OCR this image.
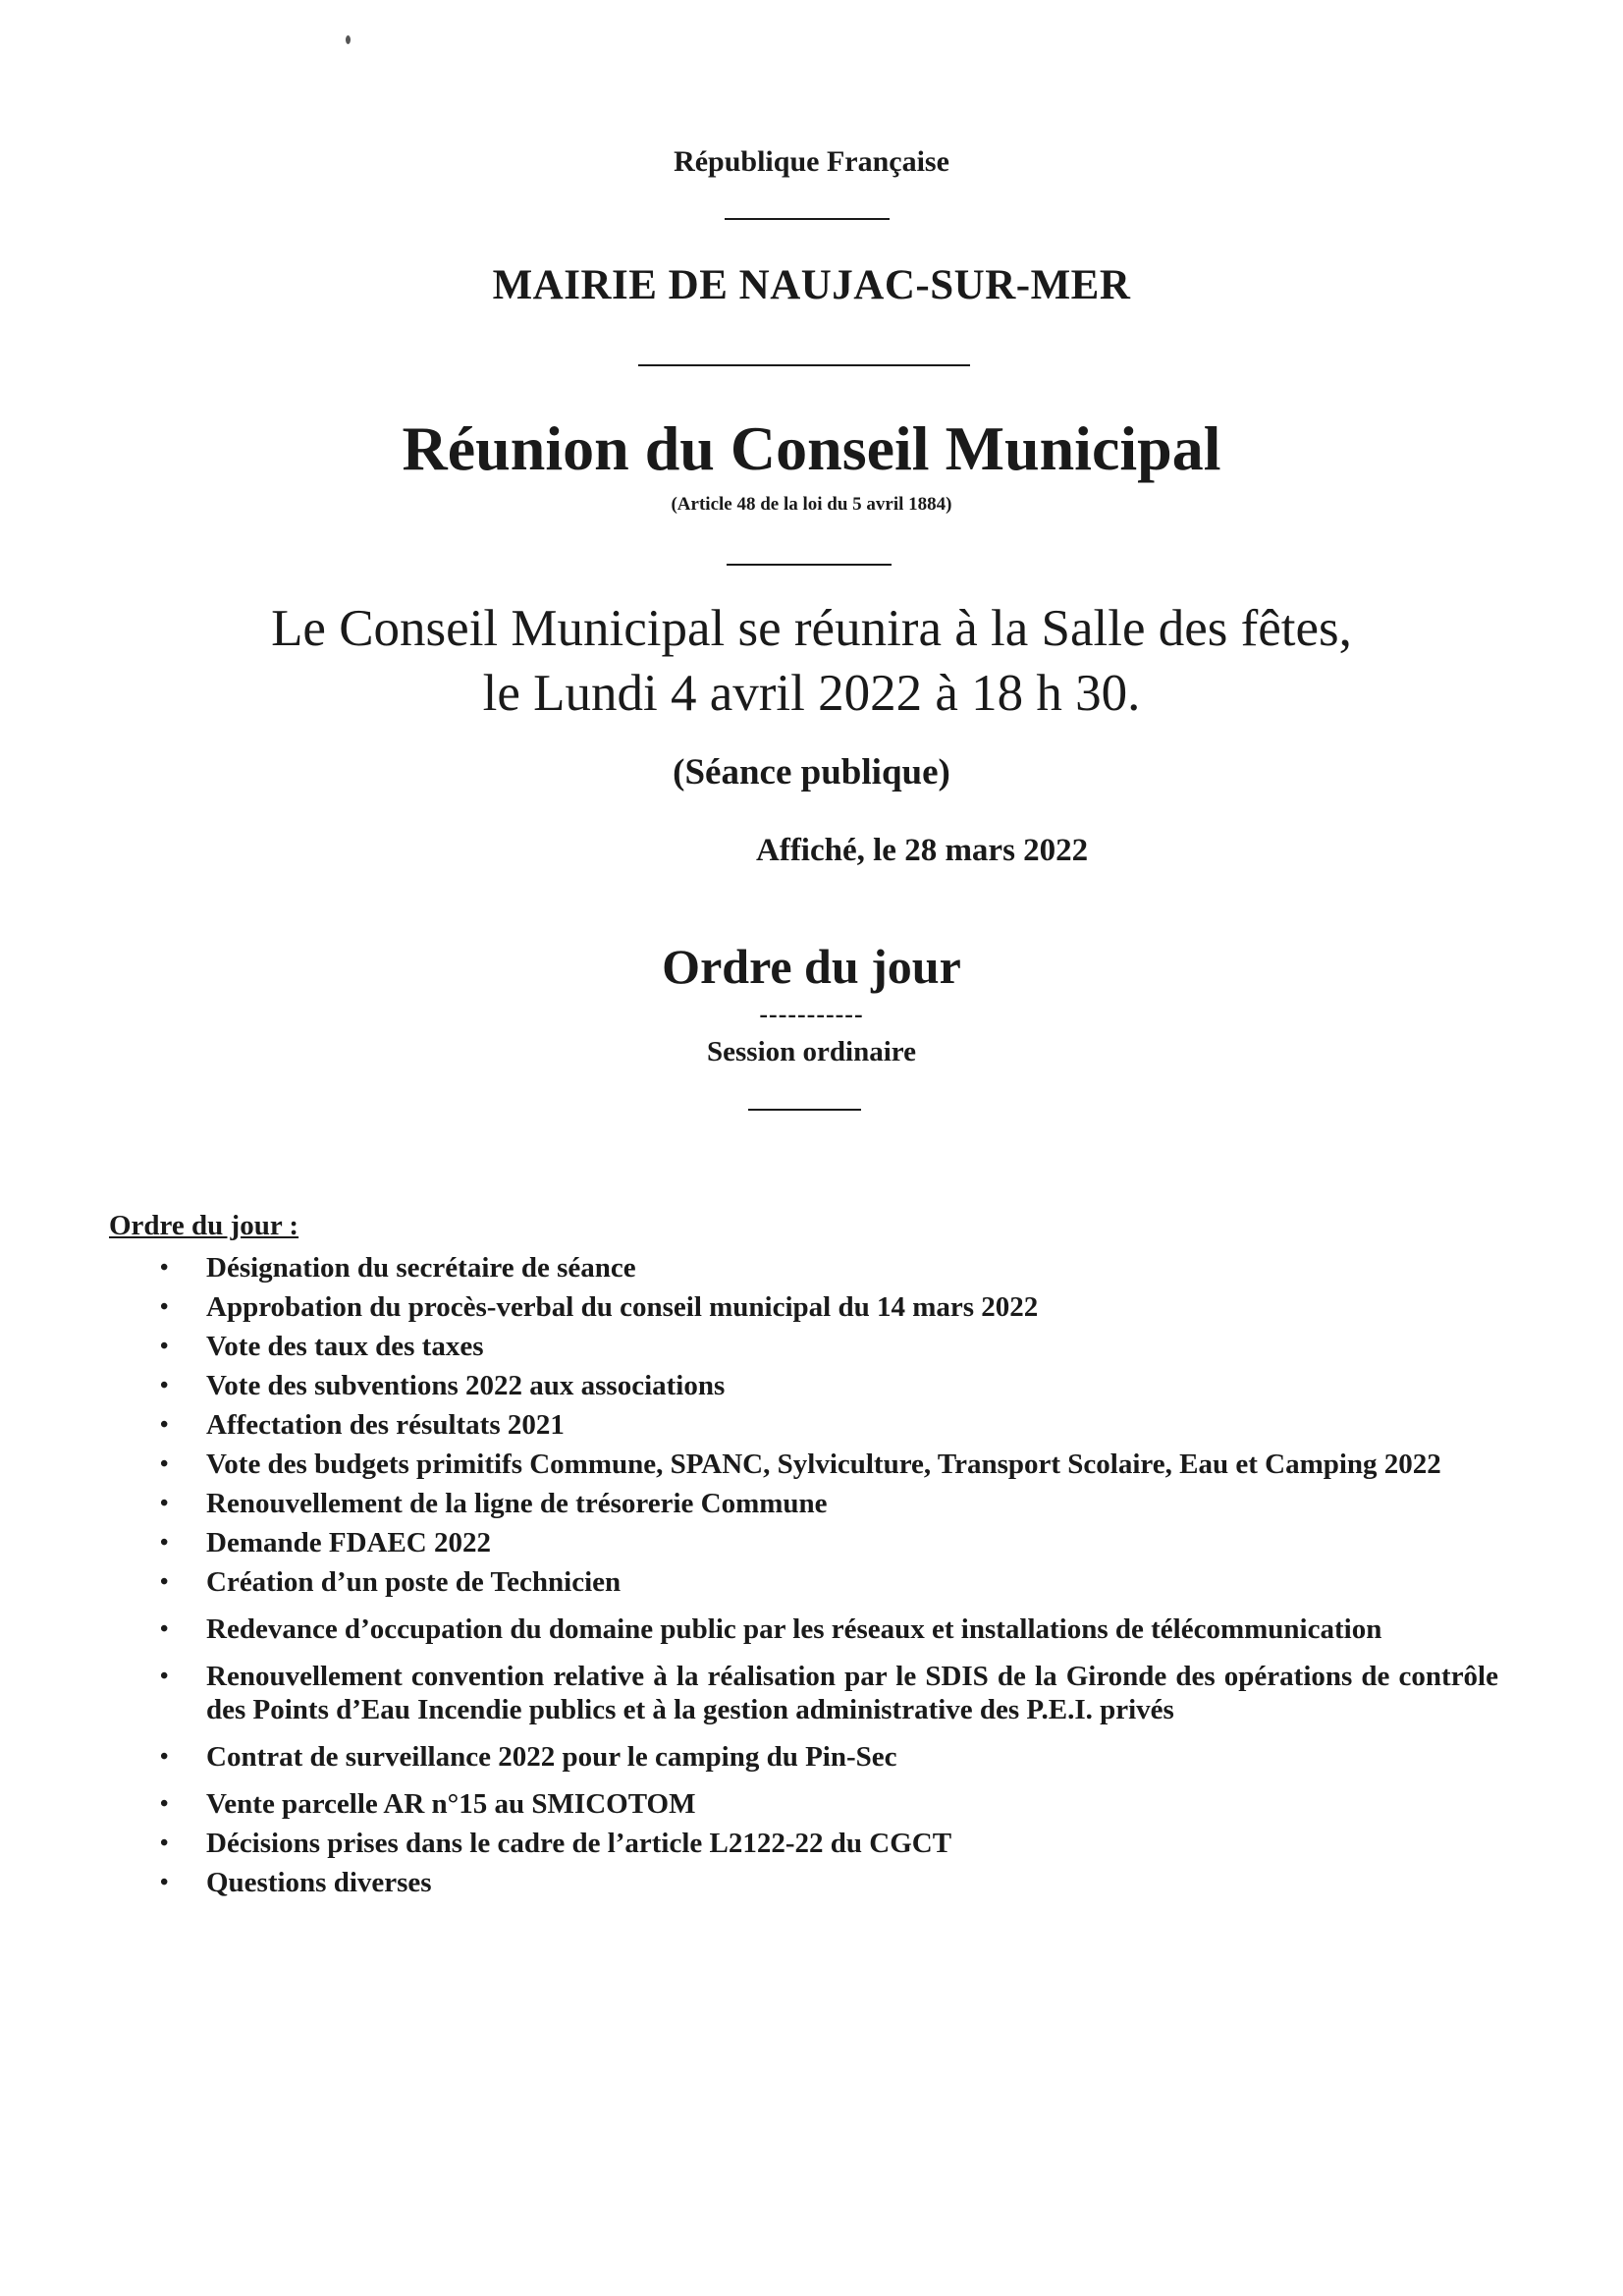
République Française
MAIRIE DE NAUJAC-SUR-MER
Réunion du Conseil Municipal
(Article 48 de la loi du 5 avril 1884)
Le Conseil Municipal se réunira à la Salle des fêtes,
le Lundi 4 avril 2022 à 18 h 30.
(Séance publique)
Affiché, le 28 mars 2022
Ordre du jour
-----------
Session ordinaire
Ordre du jour :
• Désignation du secrétaire de séance
• Approbation du procès-verbal du conseil municipal du 14 mars 2022
• Vote des taux des taxes
• Vote des subventions 2022 aux associations
• Affectation des résultats 2021
• Vote des budgets primitifs Commune, SPANC, Sylviculture, Transport Scolaire, Eau et Camping 2022
• Renouvellement de la ligne de trésorerie Commune
• Demande FDAEC 2022
• Création d’un poste de Technicien
• Redevance d’occupation du domaine public par les réseaux et installations de télécommunication
• Renouvellement convention relative à la réalisation par le SDIS de la Gironde des opérations de contrôle des Points d’Eau Incendie publics et à la gestion administrative des P.E.I. privés
• Contrat de surveillance 2022 pour le camping du Pin-Sec
• Vente parcelle AR n°15 au SMICOTOM
• Décisions prises dans le cadre de l’article L2122-22 du CGCT
• Questions diverses
